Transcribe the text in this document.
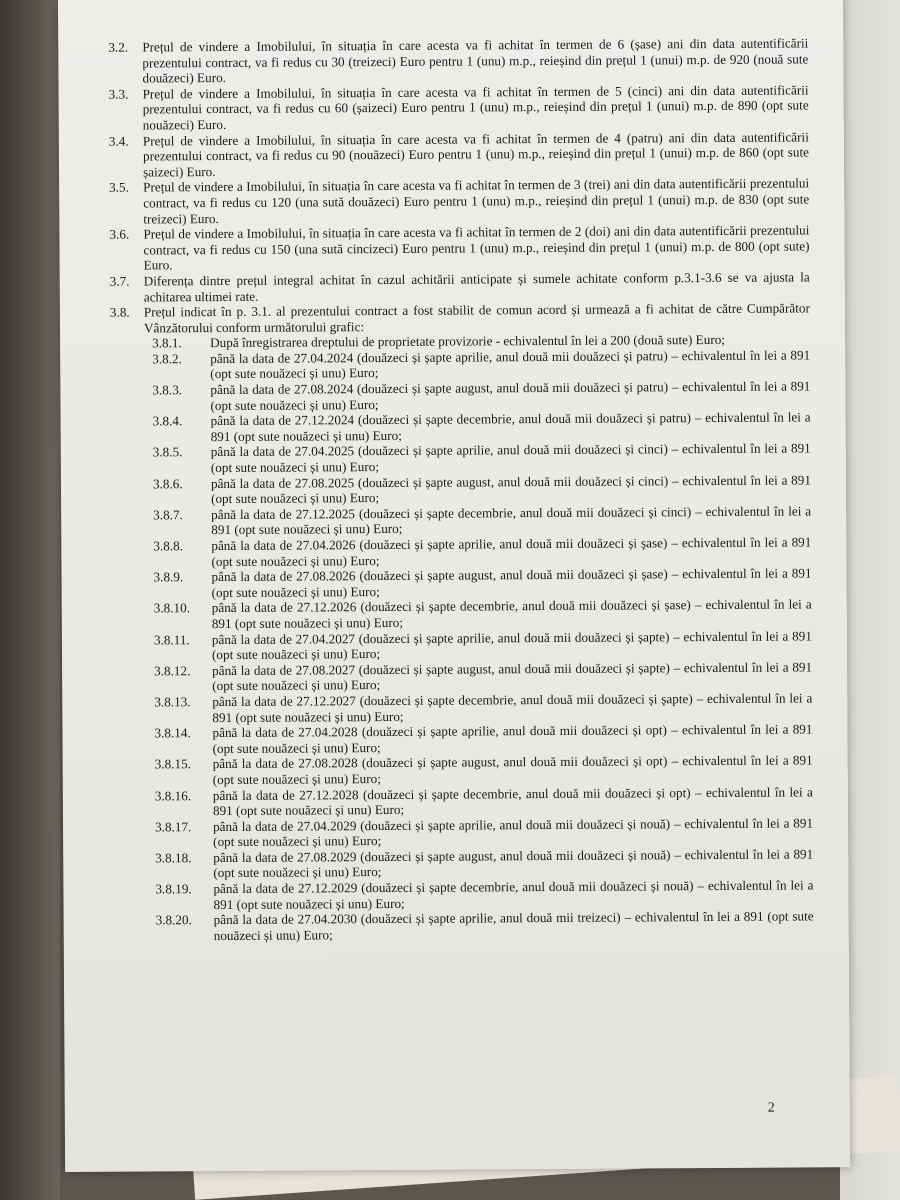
3.2. Prețul de vindere a Imobilului, în situația în care acesta va fi achitat în termen de 6 (șase) ani din data autentificării prezentului contract, va fi redus cu 30 (treizeci) Euro pentru 1 (unu) m.p., reieșind din prețul 1 (unui) m.p. de 920 (nouă sute douăzeci) Euro.
3.3. Prețul de vindere a Imobilului, în situația în care acesta va fi achitat în termen de 5 (cinci) ani din data autentificării prezentului contract, va fi redus cu 60 (șaizeci) Euro pentru 1 (unu) m.p., reieșind din prețul 1 (unui) m.p. de 890 (opt sute nouăzeci) Euro.
3.4. Prețul de vindere a Imobilului, în situația în care acesta va fi achitat în termen de 4 (patru) ani din data autentificării prezentului contract, va fi redus cu 90 (nouăzeci) Euro pentru 1 (unu) m.p., reieșind din prețul 1 (unui) m.p. de 860 (opt sute șaizeci) Euro.
3.5. Prețul de vindere a Imobilului, în situația în care acesta va fi achitat în termen de 3 (trei) ani din data autentificării prezentului contract, va fi redus cu 120 (una sută douăzeci) Euro pentru 1 (unu) m.p., reieșind din prețul 1 (unui) m.p. de 830 (opt sute treizeci) Euro.
3.6. Prețul de vindere a Imobilului, în situația în care acesta va fi achitat în termen de 2 (doi) ani din data autentificării prezentului contract, va fi redus cu 150 (una sută cincizeci) Euro pentru 1 (unu) m.p., reieșind din prețul 1 (unui) m.p. de 800 (opt sute) Euro.
3.7. Diferența dintre prețul integral achitat în cazul achitării anticipate și sumele achitate conform p.3.1-3.6 se va ajusta la achitarea ultimei rate.
3.8. Prețul indicat în p. 3.1. al prezentului contract a fost stabilit de comun acord și urmează a fi achitat de către Cumpărător Vânzătorului conform următorului grafic:
3.8.1. După înregistrarea dreptului de proprietate provizorie - echivalentul în lei a 200 (două sute) Euro;
3.8.2. până la data de 27.04.2024 (douăzeci și șapte aprilie, anul două mii douăzeci și patru) – echivalentul în lei a 891 (opt sute nouăzeci și unu) Euro;
3.8.3. până la data de 27.08.2024 (douăzeci și șapte august, anul două mii douăzeci și patru) – echivalentul în lei a 891 (opt sute nouăzeci și unu) Euro;
3.8.4. până la data de 27.12.2024 (douăzeci și șapte decembrie, anul două mii douăzeci și patru) – echivalentul în lei a 891 (opt sute nouăzeci și unu) Euro;
3.8.5. până la data de 27.04.2025 (douăzeci și șapte aprilie, anul două mii douăzeci și cinci) – echivalentul în lei a 891 (opt sute nouăzeci și unu) Euro;
3.8.6. până la data de 27.08.2025 (douăzeci și șapte august, anul două mii douăzeci și cinci) – echivalentul în lei a 891 (opt sute nouăzeci și unu) Euro;
3.8.7. până la data de 27.12.2025 (douăzeci și șapte decembrie, anul două mii douăzeci și cinci) – echivalentul în lei a 891 (opt sute nouăzeci și unu) Euro;
3.8.8. până la data de 27.04.2026 (douăzeci și șapte aprilie, anul două mii douăzeci și șase) – echivalentul în lei a 891 (opt sute nouăzeci și unu) Euro;
3.8.9. până la data de 27.08.2026 (douăzeci și șapte august, anul două mii douăzeci și șase) – echivalentul în lei a 891 (opt sute nouăzeci și unu) Euro;
3.8.10. până la data de 27.12.2026 (douăzeci și șapte decembrie, anul două mii douăzeci și șase) – echivalentul în lei a 891 (opt sute nouăzeci și unu) Euro;
3.8.11. până la data de 27.04.2027 (douăzeci și șapte aprilie, anul două mii douăzeci și șapte) – echivalentul în lei a 891 (opt sute nouăzeci și unu) Euro;
3.8.12. până la data de 27.08.2027 (douăzeci și șapte august, anul două mii douăzeci și șapte) – echivalentul în lei a 891 (opt sute nouăzeci și unu) Euro;
3.8.13. până la data de 27.12.2027 (douăzeci și șapte decembrie, anul două mii douăzeci și șapte) – echivalentul în lei a 891 (opt sute nouăzeci și unu) Euro;
3.8.14. până la data de 27.04.2028 (douăzeci și șapte aprilie, anul două mii douăzeci și opt) – echivalentul în lei a 891 (opt sute nouăzeci și unu) Euro;
3.8.15. până la data de 27.08.2028 (douăzeci și șapte august, anul două mii douăzeci și opt) – echivalentul în lei a 891 (opt sute nouăzeci și unu) Euro;
3.8.16. până la data de 27.12.2028 (douăzeci și șapte decembrie, anul două mii douăzeci și opt) – echivalentul în lei a 891 (opt sute nouăzeci și unu) Euro;
3.8.17. până la data de 27.04.2029 (douăzeci și șapte aprilie, anul două mii douăzeci și nouă) – echivalentul în lei a 891 (opt sute nouăzeci și unu) Euro;
3.8.18. până la data de 27.08.2029 (douăzeci și șapte august, anul două mii douăzeci și nouă) – echivalentul în lei a 891 (opt sute nouăzeci și unu) Euro;
3.8.19. până la data de 27.12.2029 (douăzeci și șapte decembrie, anul două mii douăzeci și nouă) – echivalentul în lei a 891 (opt sute nouăzeci și unu) Euro;
3.8.20. până la data de 27.04.2030 (douăzeci și șapte aprilie, anul două mii treizeci) – echivalentul în lei a 891 (opt sute nouăzeci și unu) Euro;
2
